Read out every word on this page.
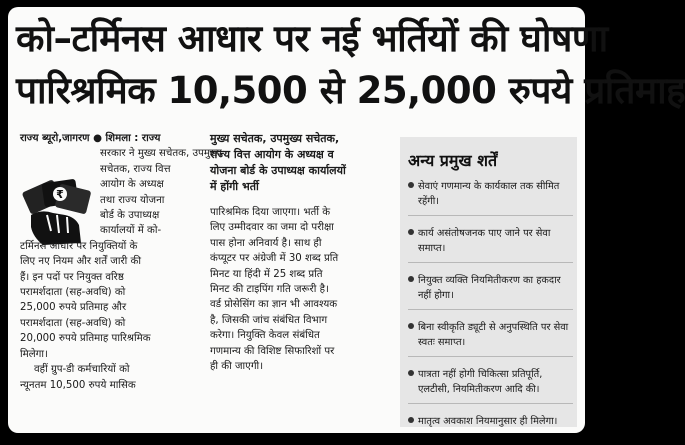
को–टर्मिनस आधार पर नई भर्तियों की घोषणा
पारिश्रमिक 10,500 से 25,000 रुपये प्रतिमाह
₹
राज्य ब्यूरो,जागरण ● शिमला : राज्य
सरकार ने मुख्य सचेतक, उपमुख्य
सचेतक, राज्य वित्त
आयोग के अध्यक्ष
तथा राज्य योजना
बोर्ड के उपाध्यक्ष
कार्यालयों में को-
टर्मिनस आधार पर नियुक्तियों के
लिए नए नियम और शर्तें जारी की
हैं। इन पदों पर नियुक्त वरिष्ठ
परामर्शदाता (सह-अवधि) को
25,000 रुपये प्रतिमाह और
परामर्शदाता (सह-अवधि) को
20,000 रुपये प्रतिमाह पारिश्रमिक
मिलेगा।
वहीं ग्रुप-डी कर्मचारियों को
न्यूनतम 10,500 रुपये मासिक
मुख्य सचेतक, उपमुख्य सचेतक,
राज्य वित्त आयोग के अध्यक्ष व
योजना बोर्ड के उपाध्यक्ष कार्यालयों
में होंगी भर्ती
पारिश्रमिक दिया जाएगा। भर्ती के
लिए उम्मीदवार का जमा दो परीक्षा
पास होना अनिवार्य है। साथ ही
कंप्यूटर पर अंग्रेजी में 30 शब्द प्रति
मिनट या हिंदी में 25 शब्द प्रति
मिनट की टाइपिंग गति जरूरी है।
वर्ड प्रोसेसिंग का ज्ञान भी आवश्यक
है, जिसकी जांच संबंधित विभाग
करेगा। नियुक्ति केवल संबंधित
गणमान्य की विशिष्ट सिफारिशों पर
ही की जाएगी।
अन्य प्रमुख शर्तें
सेवाएं गणमान्य के कार्यकाल तक सीमित रहेंगी।
कार्य असंतोषजनक पाए जाने पर सेवा समाप्त।
नियुक्त व्यक्ति नियमितीकरण का हकदार नहीं होगा।
बिना स्वीकृति ड्यूटी से अनुपस्थिति पर सेवा स्वतः समाप्त।
पात्रता नहीं होगी चिकित्सा प्रतिपूर्ति, एलटीसी, नियमितीकरण आदि की।
मातृत्व अवकाश नियमानुसार ही मिलेगा।
